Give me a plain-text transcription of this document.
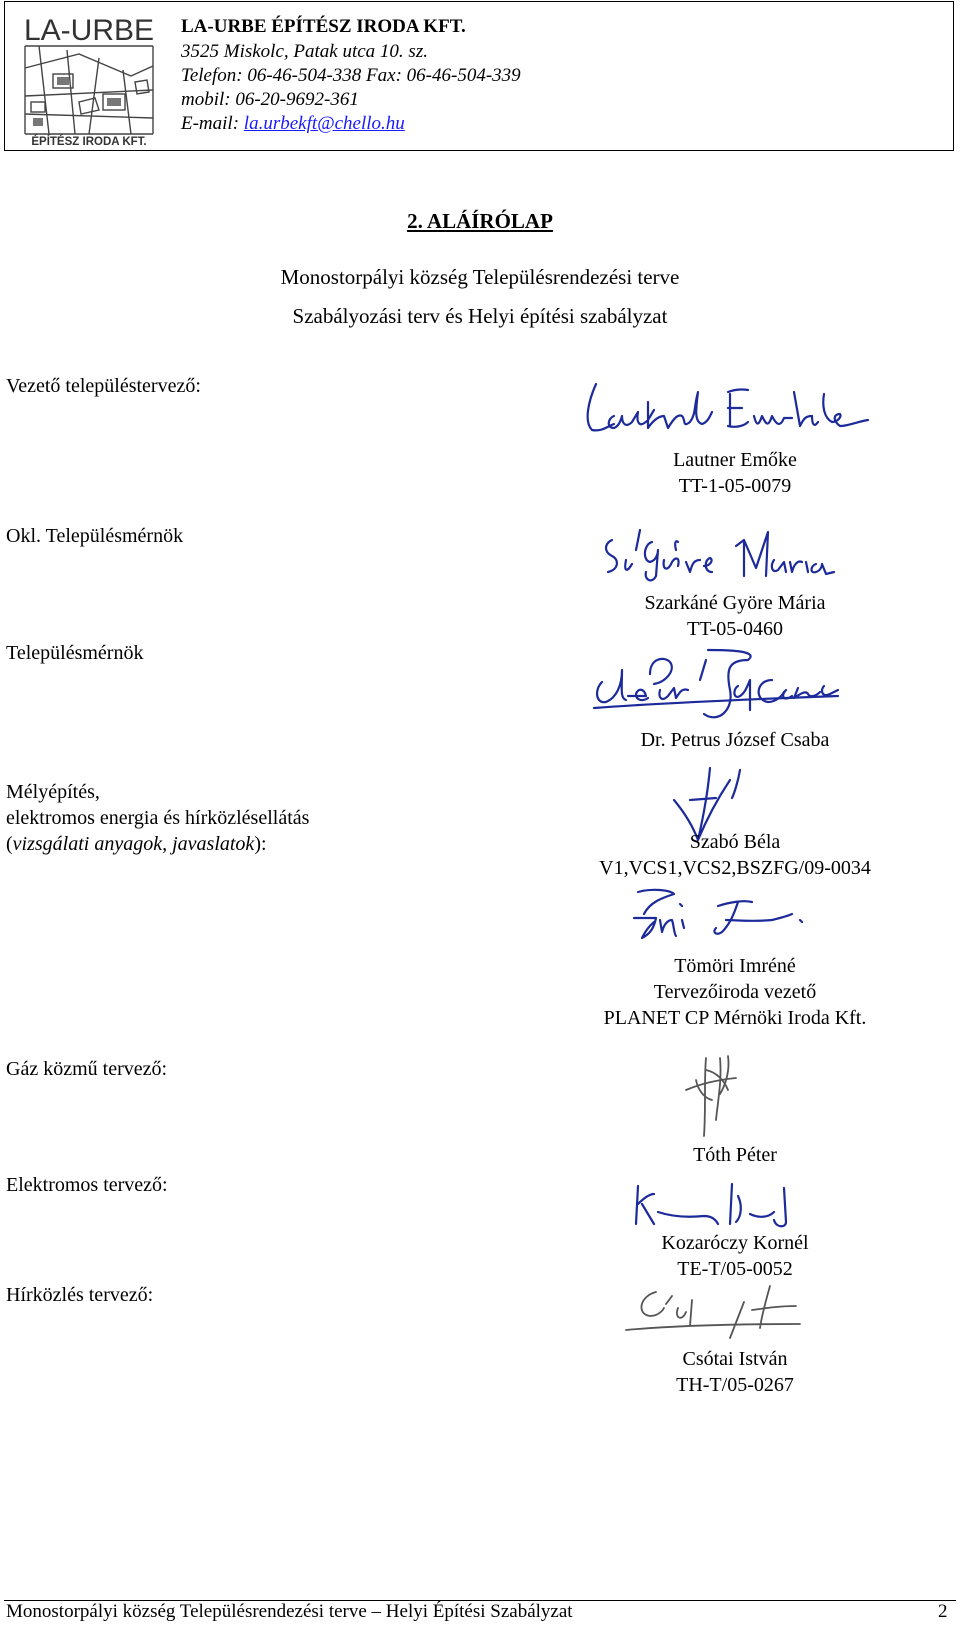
LA-URBE
ÉPÍTÉSZ IRODA KFT.
LA-URBE ÉPÍTÉSZ IRODA KFT.
3525 Miskolc, Patak utca 10. sz.
Telefon: 06-46-504-338 Fax: 06-46-504-339
mobil: 06-20-9692-361
E-mail: la.urbekft@chello.hu
2. ALÁÍRÓLAP
Monostorpályi község Településrendezési terve
Szabályozási terv és Helyi építési szabályzat
Vezető településtervező:
Okl. Településmérnök
Településmérnök
Mélyépítés,
elektromos energia és hírközlésellátás
(vizsgálati anyagok, javaslatok):
Gáz közmű tervező:
Elektromos tervező:
Hírközlés tervező:
Lautner Emőke
TT-1-05-0079
Szarkáné Györe Mária
TT-05-0460
Dr. Petrus József Csaba
Szabó Béla
V1,VCS1,VCS2,BSZFG/09-0034
Tömöri Imréné
Tervezőiroda vezető
PLANET CP Mérnöki Iroda Kft.
Tóth Péter
Kozaróczy Kornél
TE-T/05-0052
Csótai István
TH-T/05-0267
Monostorpályi község Településrendezési terve – Helyi Építési Szabályzat	2
